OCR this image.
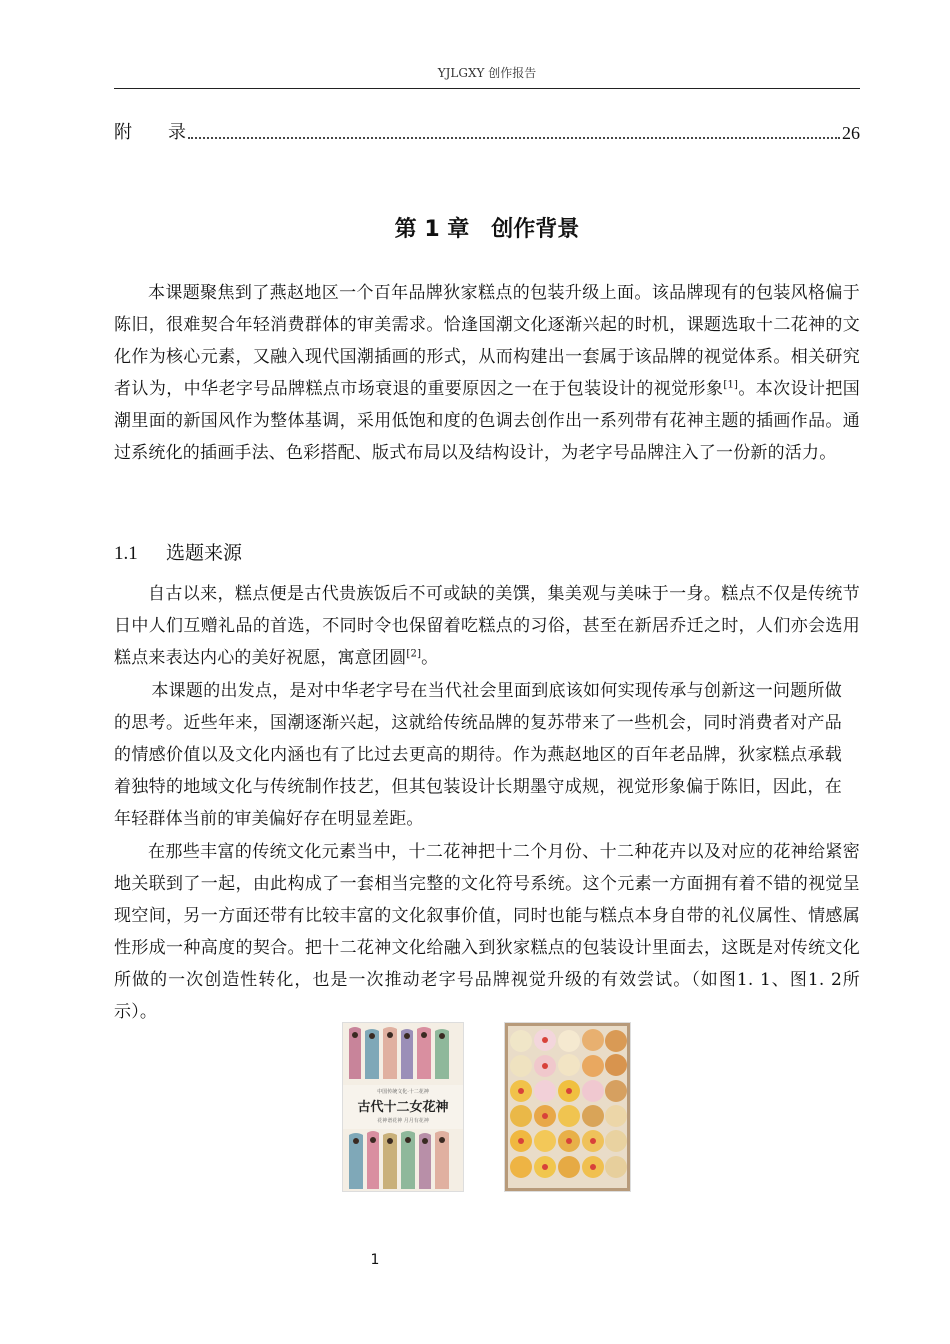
YJLGXY 创作报告
附 录	26
第 1 章　创作背景
本课题聚焦到了燕赵地区一个百年品牌狄家糕点的包装升级上面。该品牌现有的包装风格偏于陈旧，很难契合年轻消费群体的审美需求。恰逢国潮文化逐渐兴起的时机，课题选取十二花神的文化作为核心元素，又融入现代国潮插画的形式，从而构建出一套属于该品牌的视觉体系。相关研究者认为，中华老字号品牌糕点市场衰退的重要原因之一在于包装设计的视觉形象[1]。本次设计把国潮里面的新国风作为整体基调，采用低饱和度的色调去创作出一系列带有花神主题的插画作品。通过系统化的插画手法、色彩搭配、版式布局以及结构设计，为老字号品牌注入了一份新的活力。
1.1 选题来源
自古以来，糕点便是古代贵族饭后不可或缺的美馔，集美观与美味于一身。糕点不仅是传统节日中人们互赠礼品的首选，不同时令也保留着吃糕点的习俗，甚至在新居乔迁之时，人们亦会选用糕点来表达内心的美好祝愿，寓意团圆[2]。
本课题的出发点，是对中华老字号在当代社会里面到底该如何实现传承与创新这一问题所做的思考。近些年来，国潮逐渐兴起，这就给传统品牌的复苏带来了一些机会，同时消费者对产品的情感价值以及文化内涵也有了比过去更高的期待。作为燕赵地区的百年老品牌，狄家糕点承载着独特的地域文化与传统制作技艺，但其包装设计长期墨守成规，视觉形象偏于陈旧，因此，在年轻群体当前的审美偏好存在明显差距。
在那些丰富的传统文化元素当中，十二花神把十二个月份、十二种花卉以及对应的花神给紧密地关联到了一起，由此构成了一套相当完整的文化符号系统。这个元素一方面拥有着不错的视觉呈现空间，另一方面还带有比较丰富的文化叙事价值，同时也能与糕点本身自带的礼仪属性、情感属性形成一种高度的契合。把十二花神文化给融入到狄家糕点的包装设计里面去，这既是对传统文化所做的一次创造性转化，也是一次推动老字号品牌视觉升级的有效尝试。（如图1. 1、图1. 2所示）。
中国传统文化·十二花神
古代十二女花神
花神谱花神 月月有花神
1
